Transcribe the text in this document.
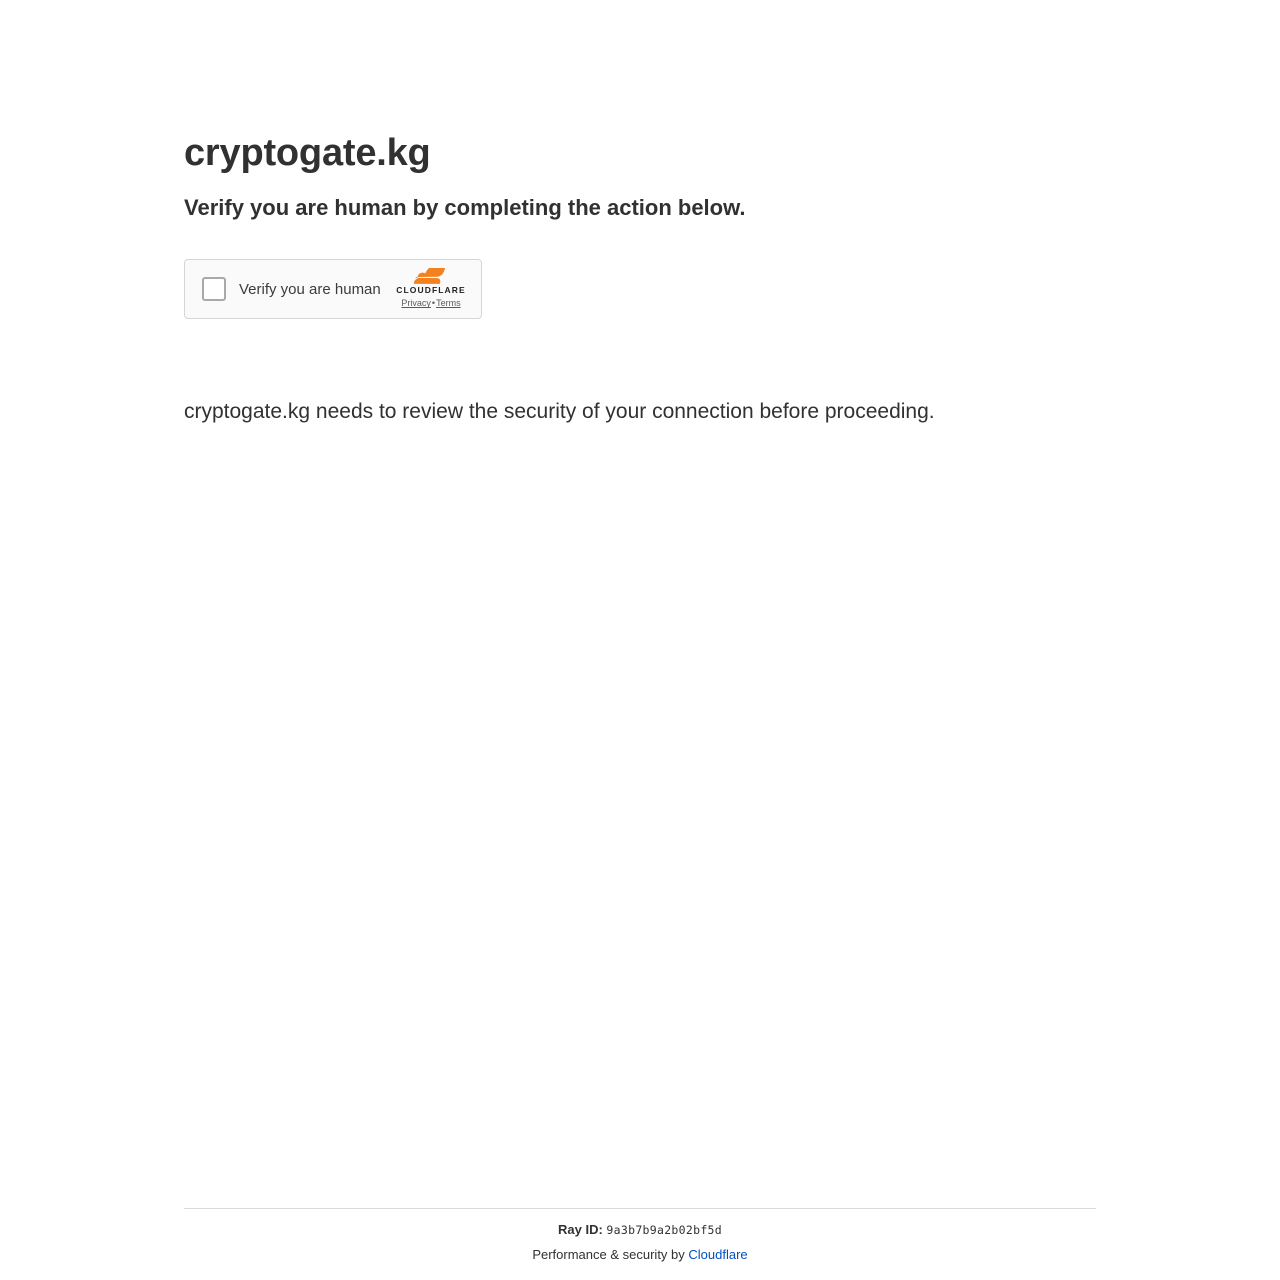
cryptogate.kg
Verify you are human by completing the action below.
Verify you are human	CLOUDFLARE
Privacy•Terms

cryptogate.kg needs to review the security of your connection before proceeding.

Ray ID: 9a3b7b9a2b02bf5d
Performance & security by Cloudflare
